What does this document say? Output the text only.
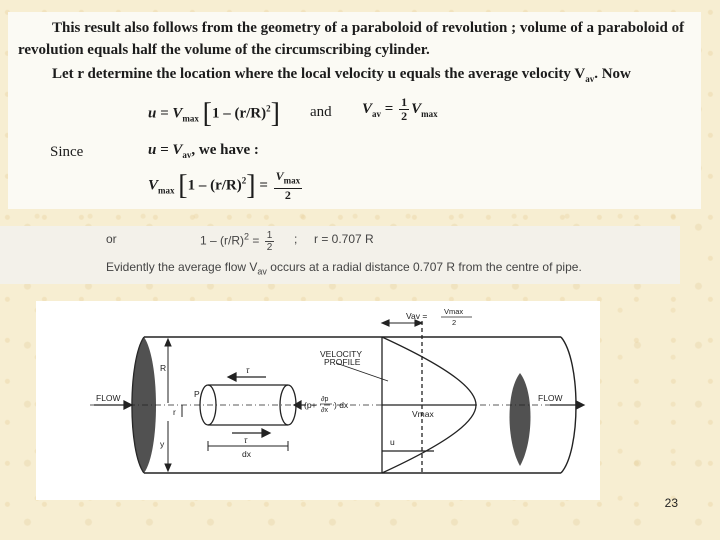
This result also follows from the geometry of a paraboloid of revolution ; volume of a paraboloid of
revolution equals half the volume of the circumscribing cylinder.
Let r determine the location where the local velocity u equals the average velocity $V_{av}$. Now
$u = V_{max}$ $[1 - (r/R)^2]$ and $V_{av} = \frac{1}{2} V_{max}$
Since	$u = V_{av}$, we have :
$V_{max}$ $[1 - (r/R)^2] = \frac{V_{max}}{2}$
or	$1 - (r/R)^2 = \frac{1}{2}$ ; r = 0.707 R
Evidently the average flow $V_{av}$ occurs at a radial distance 0.707 R from the centre of pipe.
Vav = Vmax
2
VELOCITY
PROFILE
FLOW	FLOW
R
r
y
P
τ
τ
dx
(p+
∂p
∂x
) dx
Vmax
u
23
